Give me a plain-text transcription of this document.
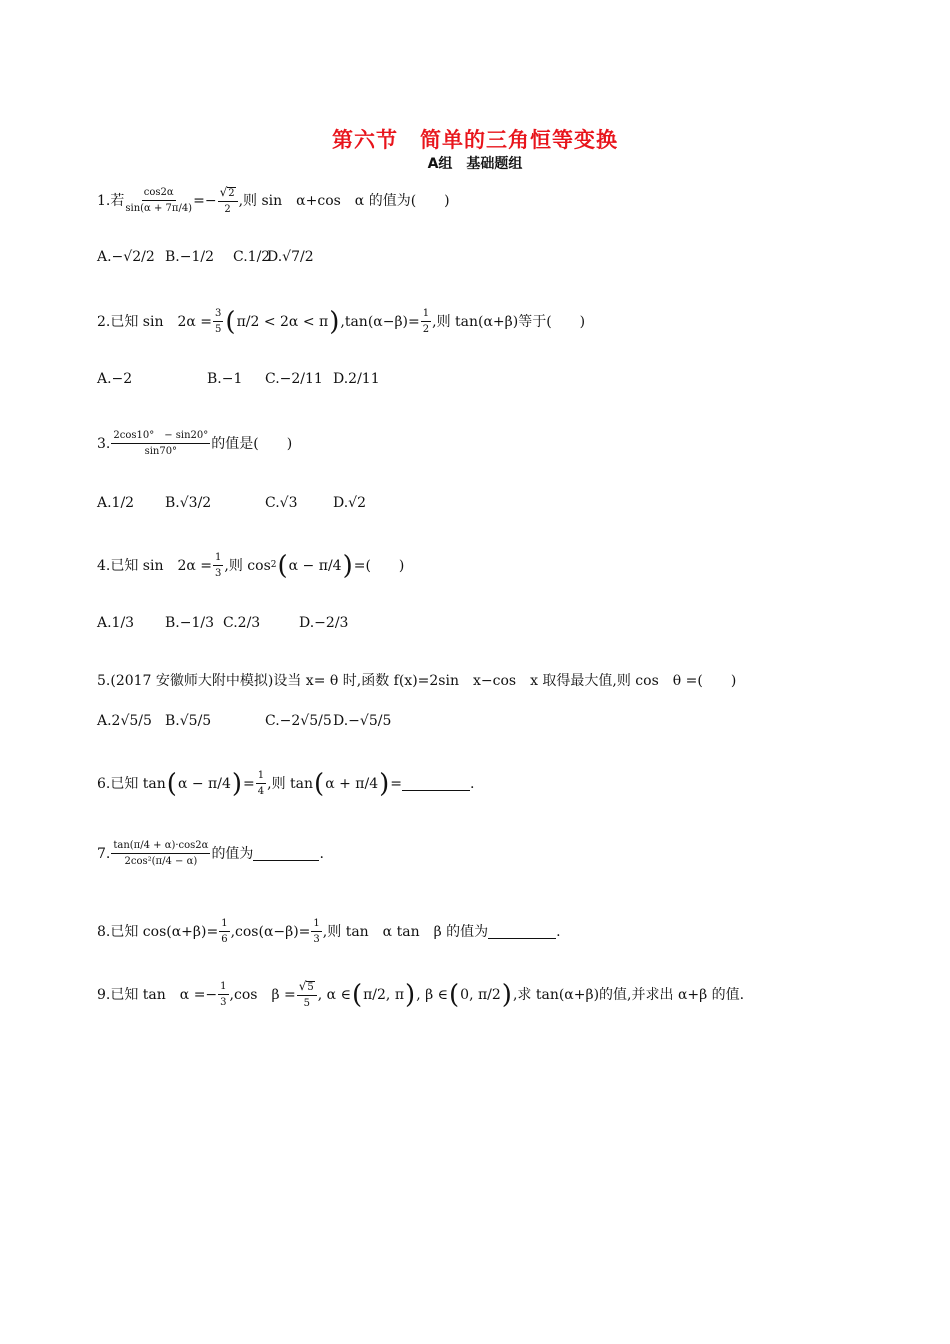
第六节　简单的三角恒等变换
A组　基础题组
1.若 $\frac{\cos 2\alpha}{\sin(\alpha + 7\pi/4)} =- \frac{√ 2}{2}$ ,则 sin　α+cos　α 的值为(　　)
A.−√2/2 B.−1/2	C.1/2
D.√7/2
2.已知 sin　$2\alpha = \frac{3}{5}$ ( π/2 < 2α < π ) $,\tan(\alpha-\beta)= \frac{1}{2}$ ,则 tan(α+β)等于(　　)
A.−2	B.−1	C.−2/11 D.2/11
3. $\frac{2\cos 10^\circ - \sin 20^\circ}{\sin 70^\circ}$ 的值是(　　)
A.1/2	B.√3/2	C.√3	D.√2
4.已知 sin　$2\alpha = \frac{1}{3}$ ,则 cos 2 ( α − π/4 ) =(　　)
A.1/3	B.−1/3 C.2/3	D.−2/3
5.(2017 安徽师大附中模拟)设当 x= θ 时,函数 f(x)=2sin　x−cos　x 取得最大值,则 cos　θ =(　　)
A.2√5/5 B.√5/5	C.−2√5/5 D.−√5/5
6.已知 tan ( α − π/4 ) = $\frac{1}{4}$ ,则 tan ( α + π/4 ) =	.
7. $\frac{\tan(\pi/4 + \alpha)\cdot\cos 2\alpha}{\text{2cos²(π/4 − α)}}$ 的值为	.
8.已知 $\cos(\alpha+\beta)= \frac{1}{6} ,\cos(\alpha-\beta)= \frac{1}{3}$ ,则 tan　α tan　β 的值为	.
9.已知 tan　$\alpha =- \frac{1}{3} ,\cos$　$\beta = \frac{√ 5}{5}$ , α ∈ ( π/2, π ) , β ∈ ( 0, π/2 ) ,求 tan(α+β)的值,并求出 α+β 的值.
